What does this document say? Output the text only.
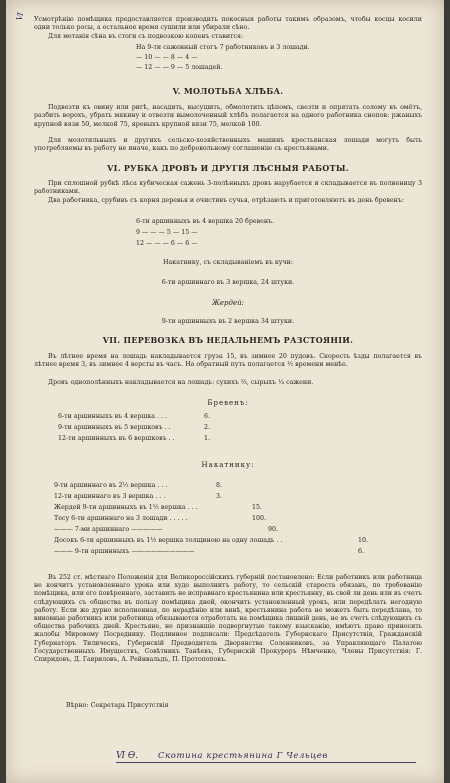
Ⅵ Усмотрѣнію помѣщика предоставляется производить покосныя работы такимъ образомъ, чтобы косцы косили одни только росы, а остальное время сушили или убирали сѣно.
Для метанія сѣна въ стоги съ подвозкою копенъ ставится:
На 9-ти саженный стогъ 7 работниковъ и 3 лошади.
— 10 — — 8 — 4 —
— 12 — — 9 — 5 лошадей.
V. МОЛОТЬБА ХЛѢБА.
Подвезти къ овину или ригѣ, насадить, высушить, обмолотить цѣпомъ, свезти и опрятать солому въ омётъ, разбить ворохъ, убрать мякину и отвезти вымолоченный хлѣбъ полагается на одного работника снопов: ржаныхъ крупной вязи 50, мелкой 75, яровыхъ крупной вязи 75, мелкой 100.
Для молотильныхъ и другихъ сельско-хозяйственныхъ машинъ крестьянская лошади могутъ быть употребляемы въ работу не иначе, какъ по добровольному соглашенію съ крестьянами.
VI. РУБКА ДРОВЪ И ДРУГІЯ ЛѢСНЫЯ РАБОТЫ.
При сплошной рубкѣ лѣса кубическая сажень 3-полѣнныхъ дровъ нарубается и складывается въ полненицу 3 работниками.
Два работника, срубивъ съ корня деревья и очистивъ сучья, отрѣзають и приготовляютъ въ день бревенъ:
6-ти аршинныхъ въ 4 вершка 20 бревенъ.
9 — — — 5 — 15 —
12 — — — 6 — 6 —
Накатнику, съ складываніемъ въ кучи:
6-ти аршиннаго въ 3 вершка, 24 штуки.
Жердей:
9-ти аршинныхъ въ 2 вершка 34 штуки.
VII. ПЕРЕВОЗКА ВЪ НЕДАЛЬНЕМЪ РАЗСТОЯНІИ.
Въ лѣтнее время на лошадь накладывается груза 15, въ зимнее 20 пудовъ. Скорость ѣзды полагается въ лѣтнее время 3, въ зимнее 4 версты въ часъ. На обратный путь полагается ½ времени менѣе.
Дровъ однополѣнныхъ накладывается на лошадь: сухихъ ⅓, сырыхъ ¼ сажени.
Бревенъ:
6-ти аршинныхъ въ 4 вершка . . .	6.
9-ти аршинныхъ въ 5 вершковъ . .	2.
12-ти аршинныхъ въ 6 вершковъ . .	1.
Накатнику:
9-ти аршиннаго въ 2½ вершка . . .	8.
12-ти аршиннаго въ 3 вершка . . .	3.
Жердей 9-ти аршинныхъ въ 1½ вершка . . .	15.
Тесу 6-ти аршиннаго на 3 лошади . . . . .	100.
——— 7-ми аршиннаго —————	90.
Досокъ 6-ти аршинныхъ въ 1½ вершка толщиною на одну лошадь . .	10.
——— 9-ти аршинныхъ ——————————	6.
Въ 252 ст. мѣстнаго Положенія для Великороссійскихъ губерній постановлено: Если работникъ или работница не кончитъ установленнаго урока или худо выполнитъ работу, то сельскій староста обязанъ, по требованію помѣщика, или его повѣреннаго, заставить не исправнаго крестьянина или крестьянку, въ свой ли день или въ счетъ слѣдующихъ съ общества въ пользу помѣщика дней, окончить установленный урокъ, или передѣлать негодную работу. Если же дурно исполненная, по нерадѣнію или винѣ, крестьянина работа не можетъ быть передѣлана, то виновные работникъ или работница обязываются отработать на помѣщика лишній день, не въ счетъ слѣдующихъ съ общества рабочихъ дней. Крестьяне, не признавшіе подвергнутые такому взысканію, имѣютъ право приносить жалобы Мировому Посреднику. Подлинное подписали: Предсѣдатель Губернскаго Присутствія, Гражданскій Губернаторъ Тилическъ, Губернскій Предводитель Дворянства Соленниковъ, за Управляющаго Палатою Государственныхъ Имуществъ, Совѣтникъ Танѣевъ, Губернскій Прокуроръ Нѣмченко, Члены Присутствія: Г. Спиридовъ, Д. Гавриловъ, А. Рейнвальдъ, П. Протопоповъ.
Вѣрно: Секретарь Присутствія
Ⅵ Ѳ. Скотина крестьянина Г Чельцев
